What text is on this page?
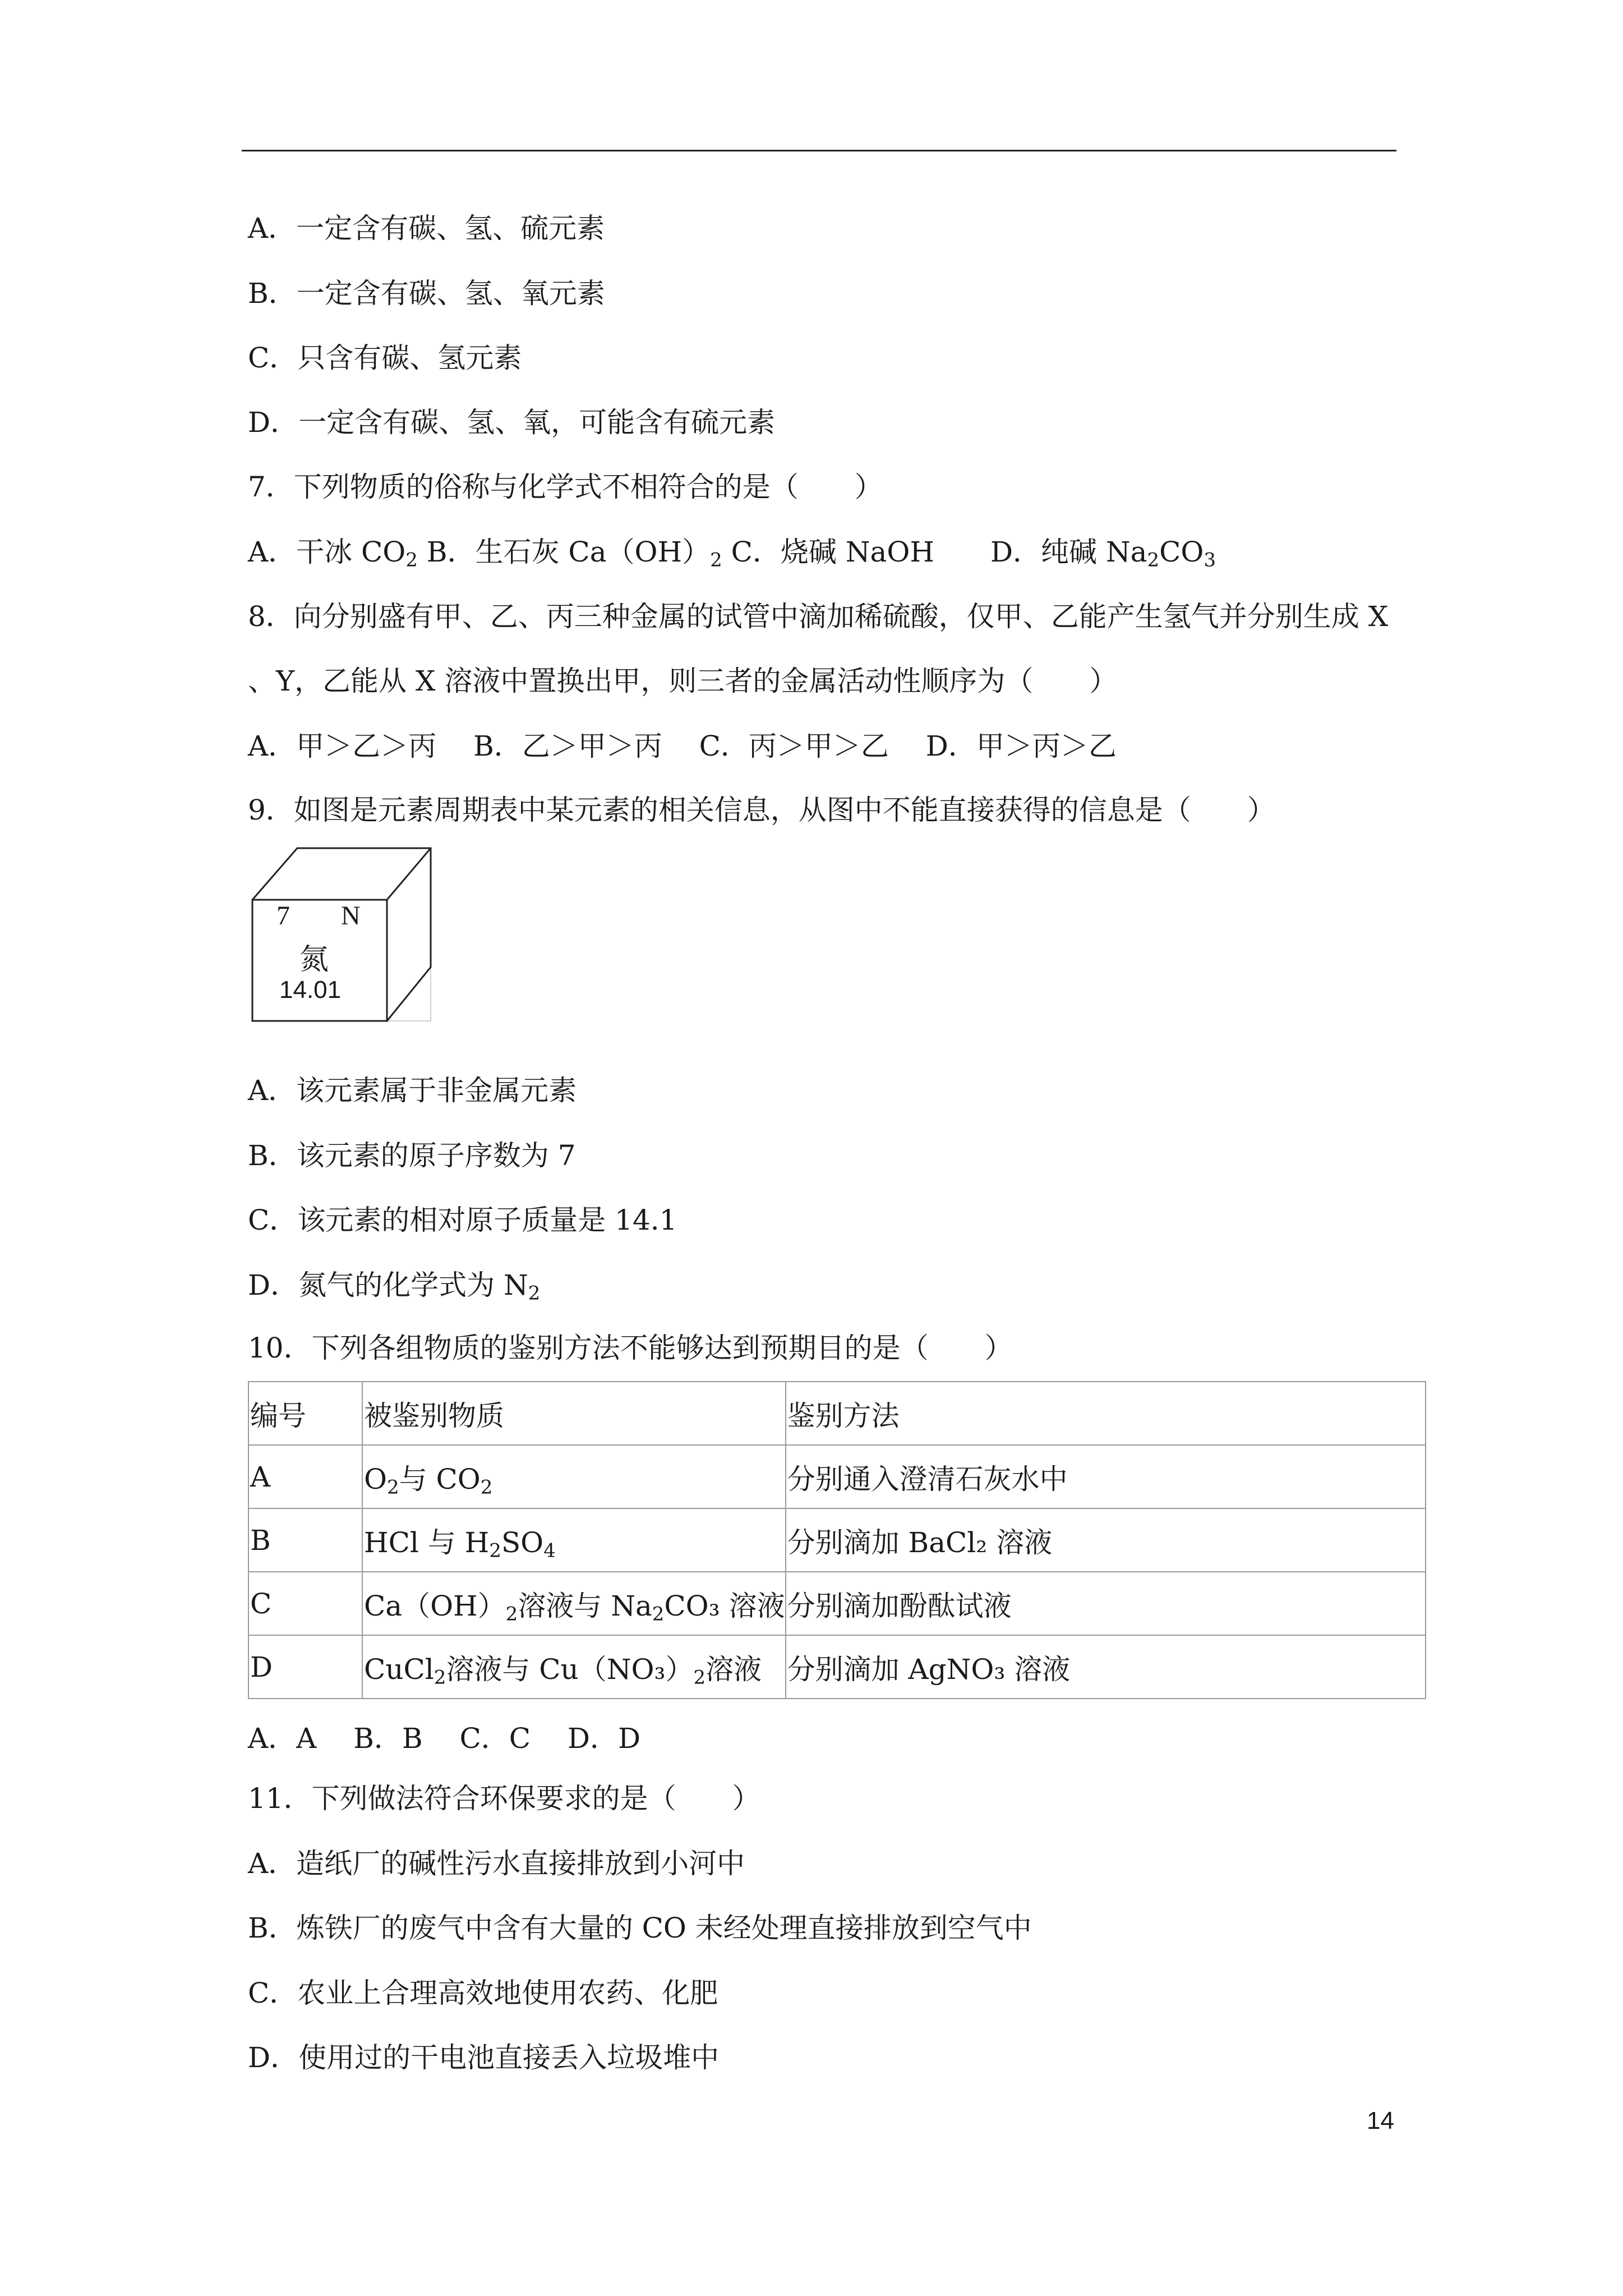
A．一定含有碳、氢、硫元素
B．一定含有碳、氢、氧元素
C．只含有碳、氢元素
D．一定含有碳、氢、氧，可能含有硫元素
7．下列物质的俗称与化学式不相符合的是（　　）
A．干冰 $CO_2$ B．生石灰 $Ca(OH)_2$ C．烧碱 NaOH　　D．纯碱 $Na_2CO_3$
8．向分别盛有甲、乙、丙三种金属的试管中滴加稀硫酸，仅甲、乙能产生氢气并分别生成 X
、Y，乙能从 X 溶液中置换出甲，则三者的金属活动性顺序为（　　）
A．甲＞乙＞丙　 B．乙＞甲＞丙　 C．丙＞甲＞乙　 D．甲＞丙＞乙
9．如图是元素周期表中某元素的相关信息，从图中不能直接获得的信息是（　　）
7 N
氮
14.01
A．该元素属于非金属元素
B．该元素的原子序数为 7
C．该元素的相对原子质量是 14.1
D．氮气的化学式为 $N_2$
10．下列各组物质的鉴别方法不能够达到预期目的是（　　）
编号	被鉴别物质	鉴别方法
A	$O_2$与 $CO_2$	分别通入澄清石灰水中
B	HCl 与 $H_2SO_4$	分别滴加 BaCl₂ 溶液
C	$Ca(OH)_2$溶液与 $Na_2CO_3$ 溶液	分别滴加酚酞试液
D	CuCl$_2$溶液与 $Cu(NO_3)_2$溶液	分别滴加 AgNO₃ 溶液
A．A　 B．B　 C．C　 D．D
11．下列做法符合环保要求的是（　　）
A．造纸厂的碱性污水直接排放到小河中
B．炼铁厂的废气中含有大量的 CO 未经处理直接排放到空气中
C．农业上合理高效地使用农药、化肥
D．使用过的干电池直接丢入垃圾堆中
14
